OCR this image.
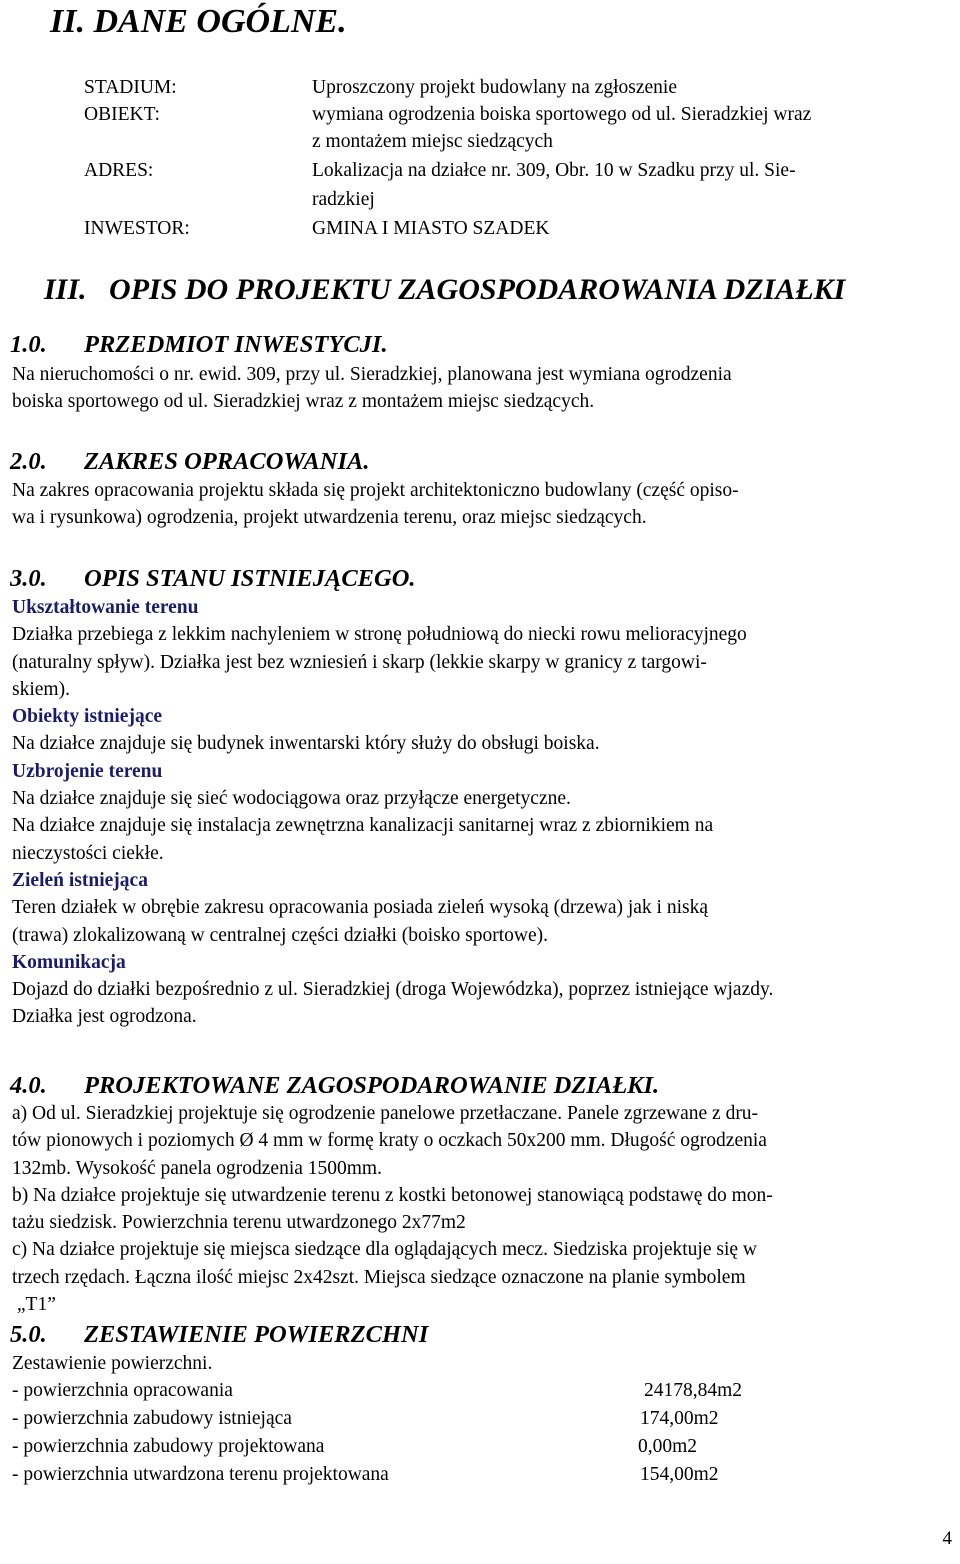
II. DANE OGÓLNE.
STADIUM:	Uproszczony projekt budowlany na zgłoszenie
OBIEKT:	wymiana ogrodzenia boiska sportowego od ul. Sieradzkiej wraz
z montażem miejsc siedzących
ADRES:	Lokalizacja na działce nr. 309, Obr. 10 w Szadku przy ul. Sie-
radzkiej
INWESTOR:	GMINA I MIASTO SZADEK
III. OPIS DO PROJEKTU ZAGOSPODAROWANIA DZIAŁKI
1.0. PRZEDMIOT INWESTYCJI.
Na nieruchomości o nr. ewid. 309, przy ul. Sieradzkiej, planowana jest wymiana ogrodzenia
boiska sportowego od ul. Sieradzkiej wraz z montażem miejsc siedzących.
2.0. ZAKRES OPRACOWANIA.
Na zakres opracowania projektu składa się projekt architektoniczno budowlany (część opiso-
wa i rysunkowa) ogrodzenia, projekt utwardzenia terenu, oraz miejsc siedzących.
3.0. OPIS STANU ISTNIEJĄCEGO.
Ukształtowanie terenu
Działka przebiega z lekkim nachyleniem w stronę południową do niecki rowu melioracyjnego
(naturalny spływ). Działka jest bez wzniesień i skarp (lekkie skarpy w granicy z targowi-
skiem).
Obiekty istniejące
Na działce znajduje się budynek inwentarski który służy do obsługi boiska.
Uzbrojenie terenu
Na działce znajduje się sieć wodociągowa oraz przyłącze energetyczne.
Na działce znajduje się instalacja zewnętrzna kanalizacji sanitarnej wraz z zbiornikiem na
nieczystości ciekłe.
Zieleń istniejąca
Teren działek w obrębie zakresu opracowania posiada zieleń wysoką (drzewa) jak i niską
(trawa) zlokalizowaną w centralnej części działki (boisko sportowe).
Komunikacja
Dojazd do działki bezpośrednio z ul. Sieradzkiej (droga Wojewódzka), poprzez istniejące wjazdy.
Działka jest ogrodzona.
4.0. PROJEKTOWANE ZAGOSPODAROWANIE DZIAŁKI.
a) Od ul. Sieradzkiej projektuje się ogrodzenie panelowe przetłaczane. Panele zgrzewane z dru-
tów pionowych i poziomych Ø 4 mm w formę kraty o oczkach 50x200 mm. Długość ogrodzenia
132mb. Wysokość panela ogrodzenia 1500mm.
b) Na działce projektuje się utwardzenie terenu z kostki betonowej stanowiącą podstawę do mon-
tażu siedzisk. Powierzchnia terenu utwardzonego 2x77m2
c) Na działce projektuje się miejsca siedzące dla oglądających mecz. Siedziska projektuje się w
trzech rzędach. Łączna ilość miejsc 2x42szt. Miejsca siedzące oznaczone na planie symbolem
„T1”
5.0. ZESTAWIENIE POWIERZCHNI
Zestawienie powierzchni.
- powierzchnia opracowania	24178,84m2
- powierzchnia zabudowy istniejąca	174,00m2
- powierzchnia zabudowy projektowana	0,00m2
- powierzchnia utwardzona terenu projektowana	154,00m2
4
